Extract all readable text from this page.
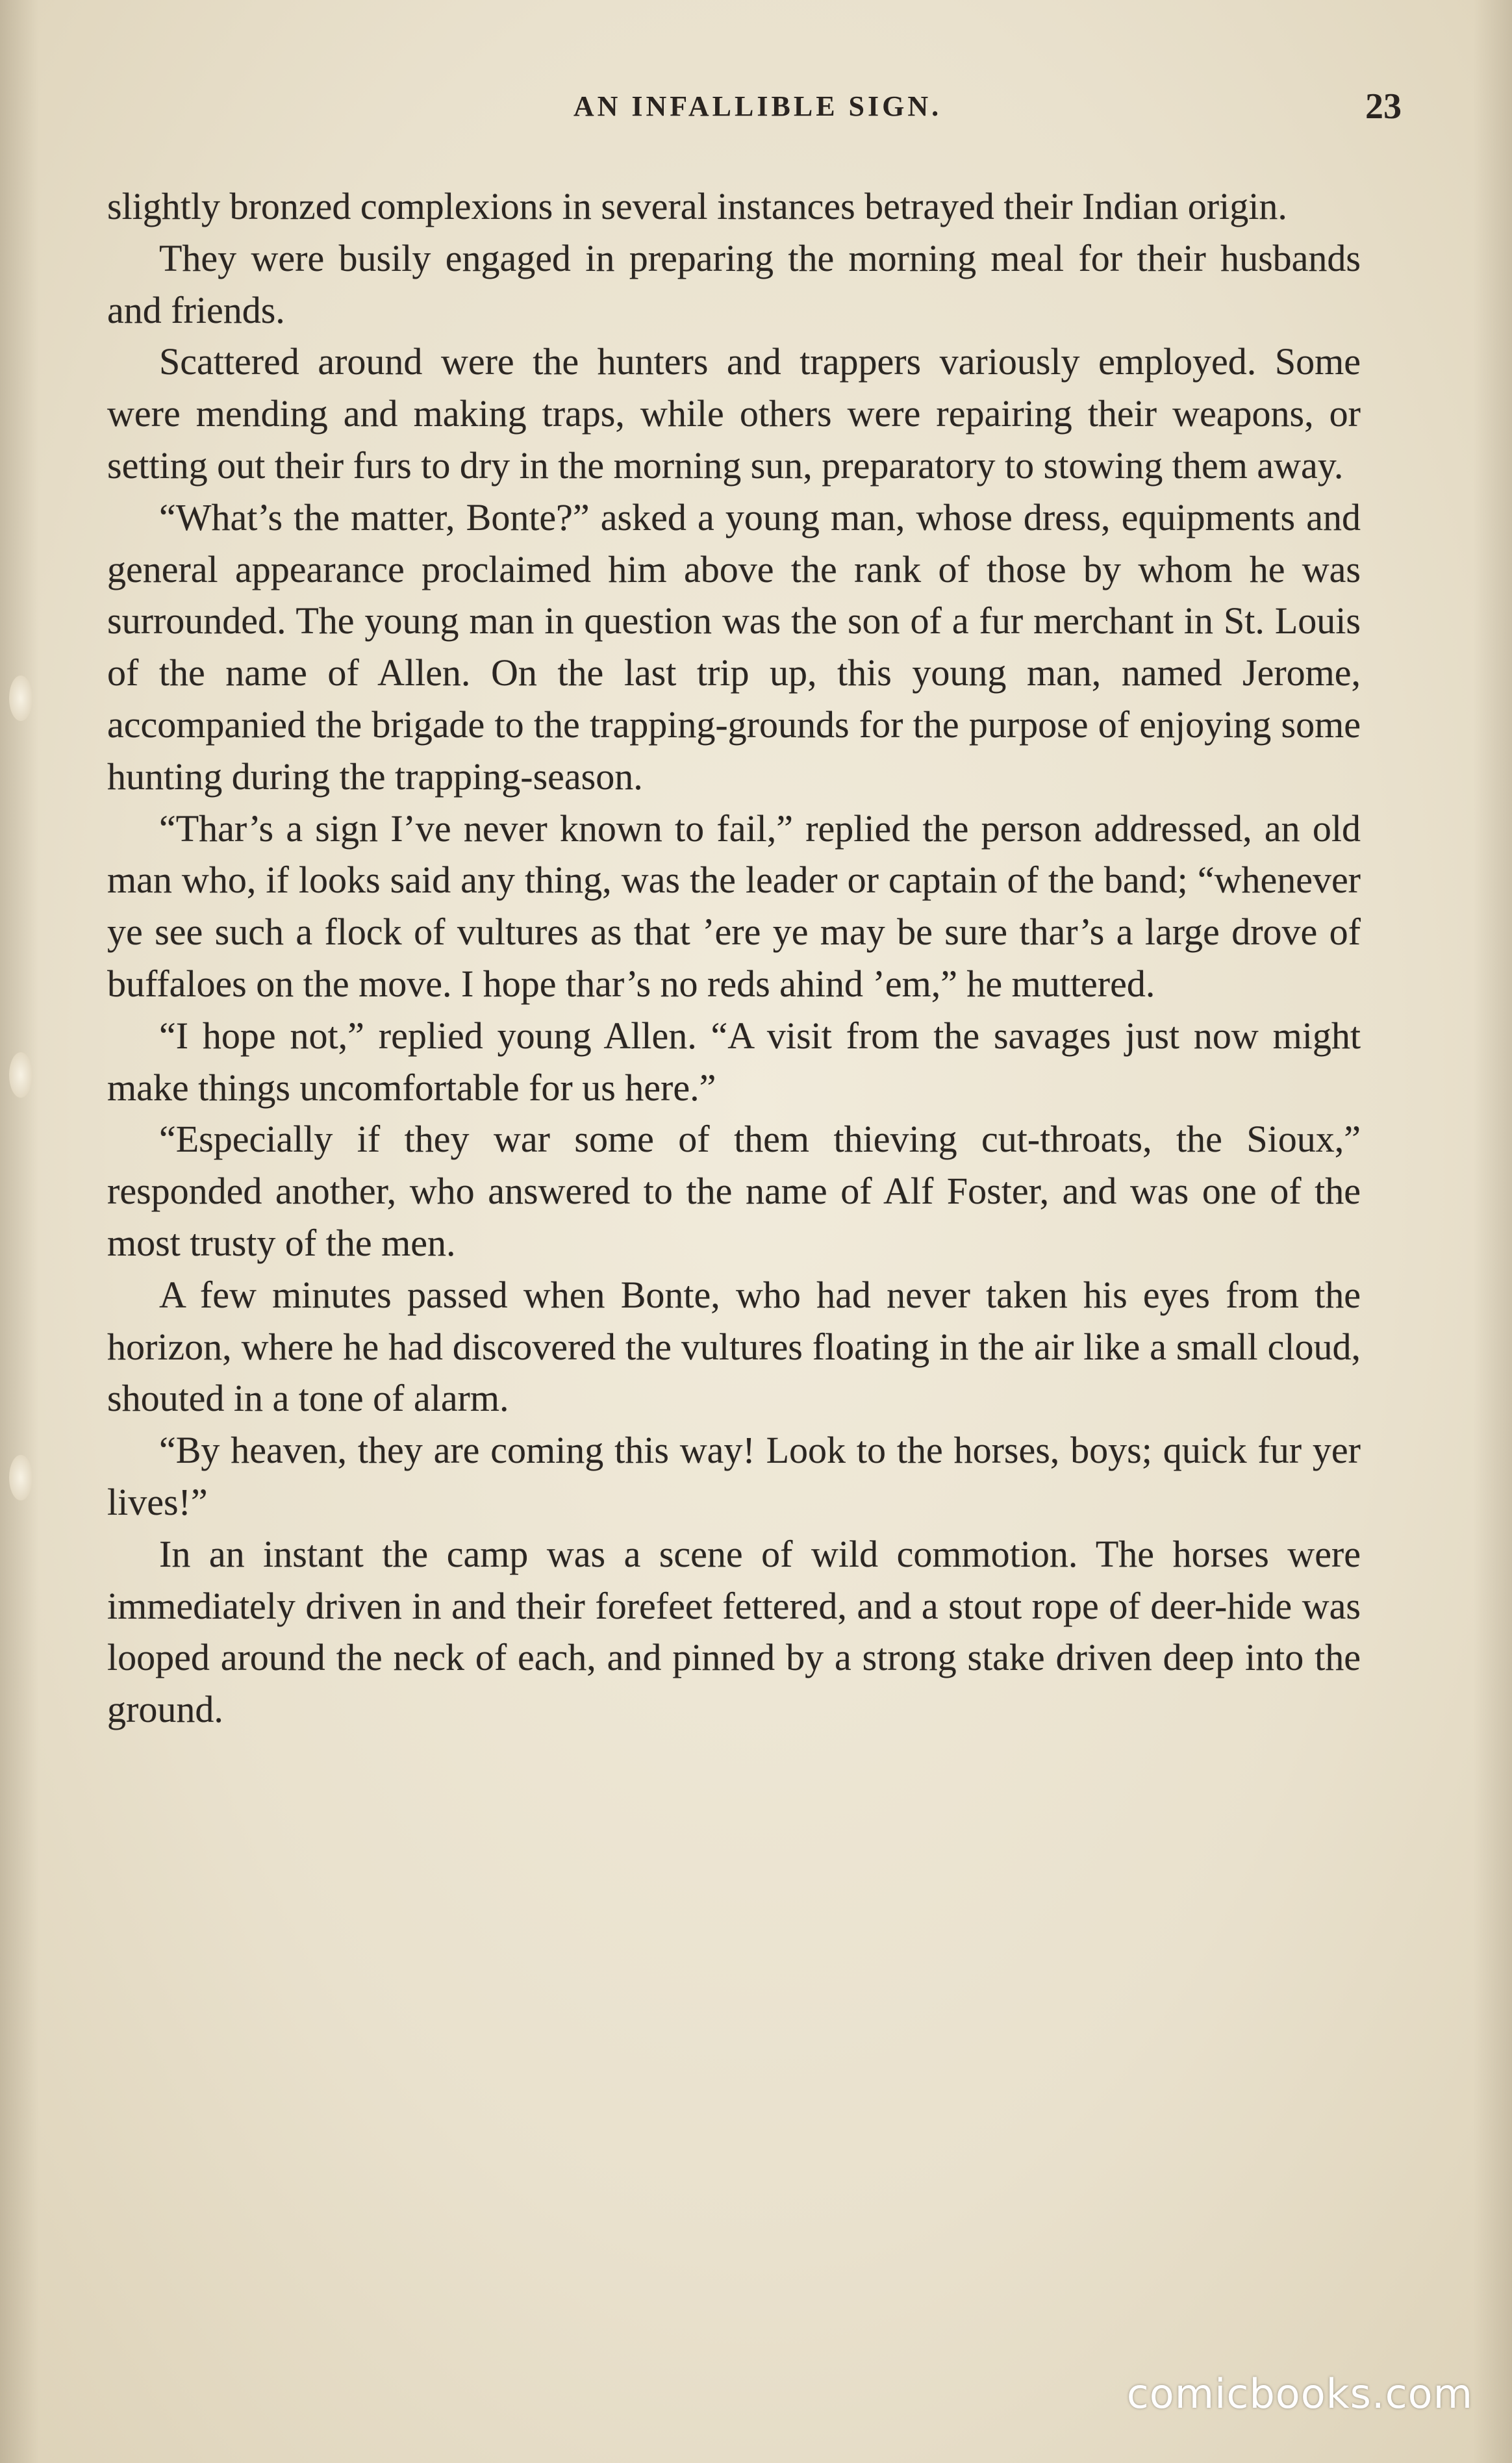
AN INFALLIBLE SIGN.	23

slightly bronzed complexions in several instances betrayed their Indian origin.

They were busily engaged in preparing the morning meal for their husbands and friends.

Scattered around were the hunters and trappers variously employed. Some were mending and making traps, while others were repairing their weapons, or setting out their furs to dry in the morning sun, preparatory to stowing them away.

“What’s the matter, Bonte?” asked a young man, whose dress, equipments and general appearance proclaimed him above the rank of those by whom he was surrounded. The young man in question was the son of a fur merchant in St. Louis of the name of Allen. On the last trip up, this young man, named Jerome, accompanied the brigade to the trapping-grounds for the purpose of enjoying some hunting during the trapping-season.

“Thar’s a sign I’ve never known to fail,” replied the person addressed, an old man who, if looks said any thing, was the leader or captain of the band; “whenever ye see such a flock of vultures as that ’ere ye may be sure thar’s a large drove of buffaloes on the move. I hope thar’s no reds ahind ’em,” he muttered.

“I hope not,” replied young Allen. “A visit from the savages just now might make things uncomfortable for us here.”

“Especially if they war some of them thieving cut-throats, the Sioux,” responded another, who answered to the name of Alf Foster, and was one of the most trusty of the men.

A few minutes passed when Bonte, who had never taken his eyes from the horizon, where he had discovered the vultures floating in the air like a small cloud, shouted in a tone of alarm.

“By heaven, they are coming this way! Look to the horses, boys; quick fur yer lives!”

In an instant the camp was a scene of wild commotion. The horses were immediately driven in and their forefeet fettered, and a stout rope of deer-hide was looped around the neck of each, and pinned by a strong stake driven deep into the ground.

comicbooks.com
